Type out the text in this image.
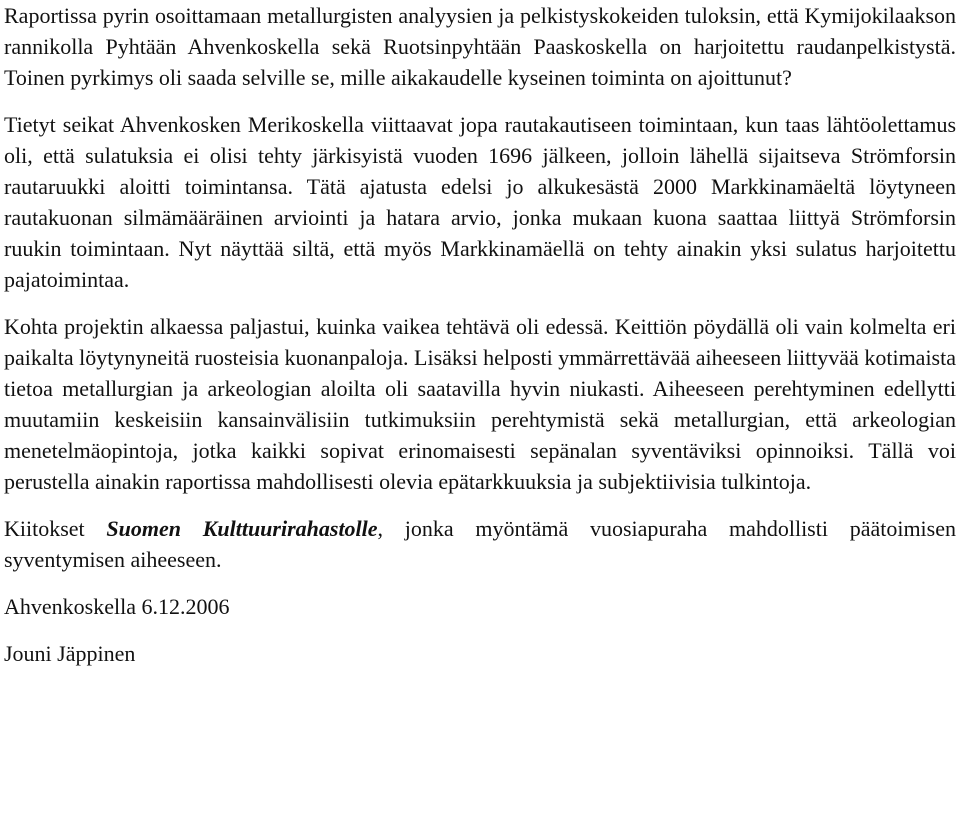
Raportissa pyrin osoittamaan metallurgisten analyysien ja pelkistyskokeiden tuloksin, että Kymijokilaakson rannikolla Pyhtään Ahvenkoskella sekä Ruotsinpyhtään Paaskoskella on harjoitettu raudanpelkistystä. Toinen pyrkimys oli saada selville se, mille aikakaudelle kyseinen toiminta on ajoittunut?

Tietyt seikat Ahvenkosken Merikoskella viittaavat jopa rautakautiseen toimintaan, kun taas lähtöolettamus oli, että sulatuksia ei olisi tehty järkisyistä vuoden 1696 jälkeen, jolloin lähellä sijaitseva Strömforsin rautaruukki aloitti toimintansa. Tätä ajatusta edelsi jo alkukesästä 2000 Markkinamäeltä löytyneen rautakuonan silmämääräinen arviointi ja hatara arvio, jonka mukaan kuona saattaa liittyä Strömforsin ruukin toimintaan. Nyt näyttää siltä, että myös Markkinamäellä on tehty ainakin yksi sulatus harjoitettu pajatoimintaa.

Kohta projektin alkaessa paljastui, kuinka vaikea tehtävä oli edessä. Keittiön pöydällä oli vain kolmelta eri paikalta löytynyneitä ruosteisia kuonanpaloja. Lisäksi helposti ymmärrettävää aiheeseen liittyvää kotimaista tietoa metallurgian ja arkeologian aloilta oli saatavilla hyvin niukasti. Aiheeseen perehtyminen edellytti muutamiin keskeisiin kansainvälisiin tutkimuksiin perehtymistä sekä metallurgian, että arkeologian menetelmäopintoja, jotka kaikki sopivat erinomaisesti sepänalan syventäviksi opinnoiksi. Tällä voi perustella ainakin raportissa mahdollisesti olevia epätarkkuuksia ja subjektiivisia tulkintoja.

Kiitokset Suomen Kulttuurirahastolle, jonka myöntämä vuosiapuraha mahdollisti päätoimisen syventymisen aiheeseen.

Ahvenkoskella 6.12.2006

Jouni Jäppinen
